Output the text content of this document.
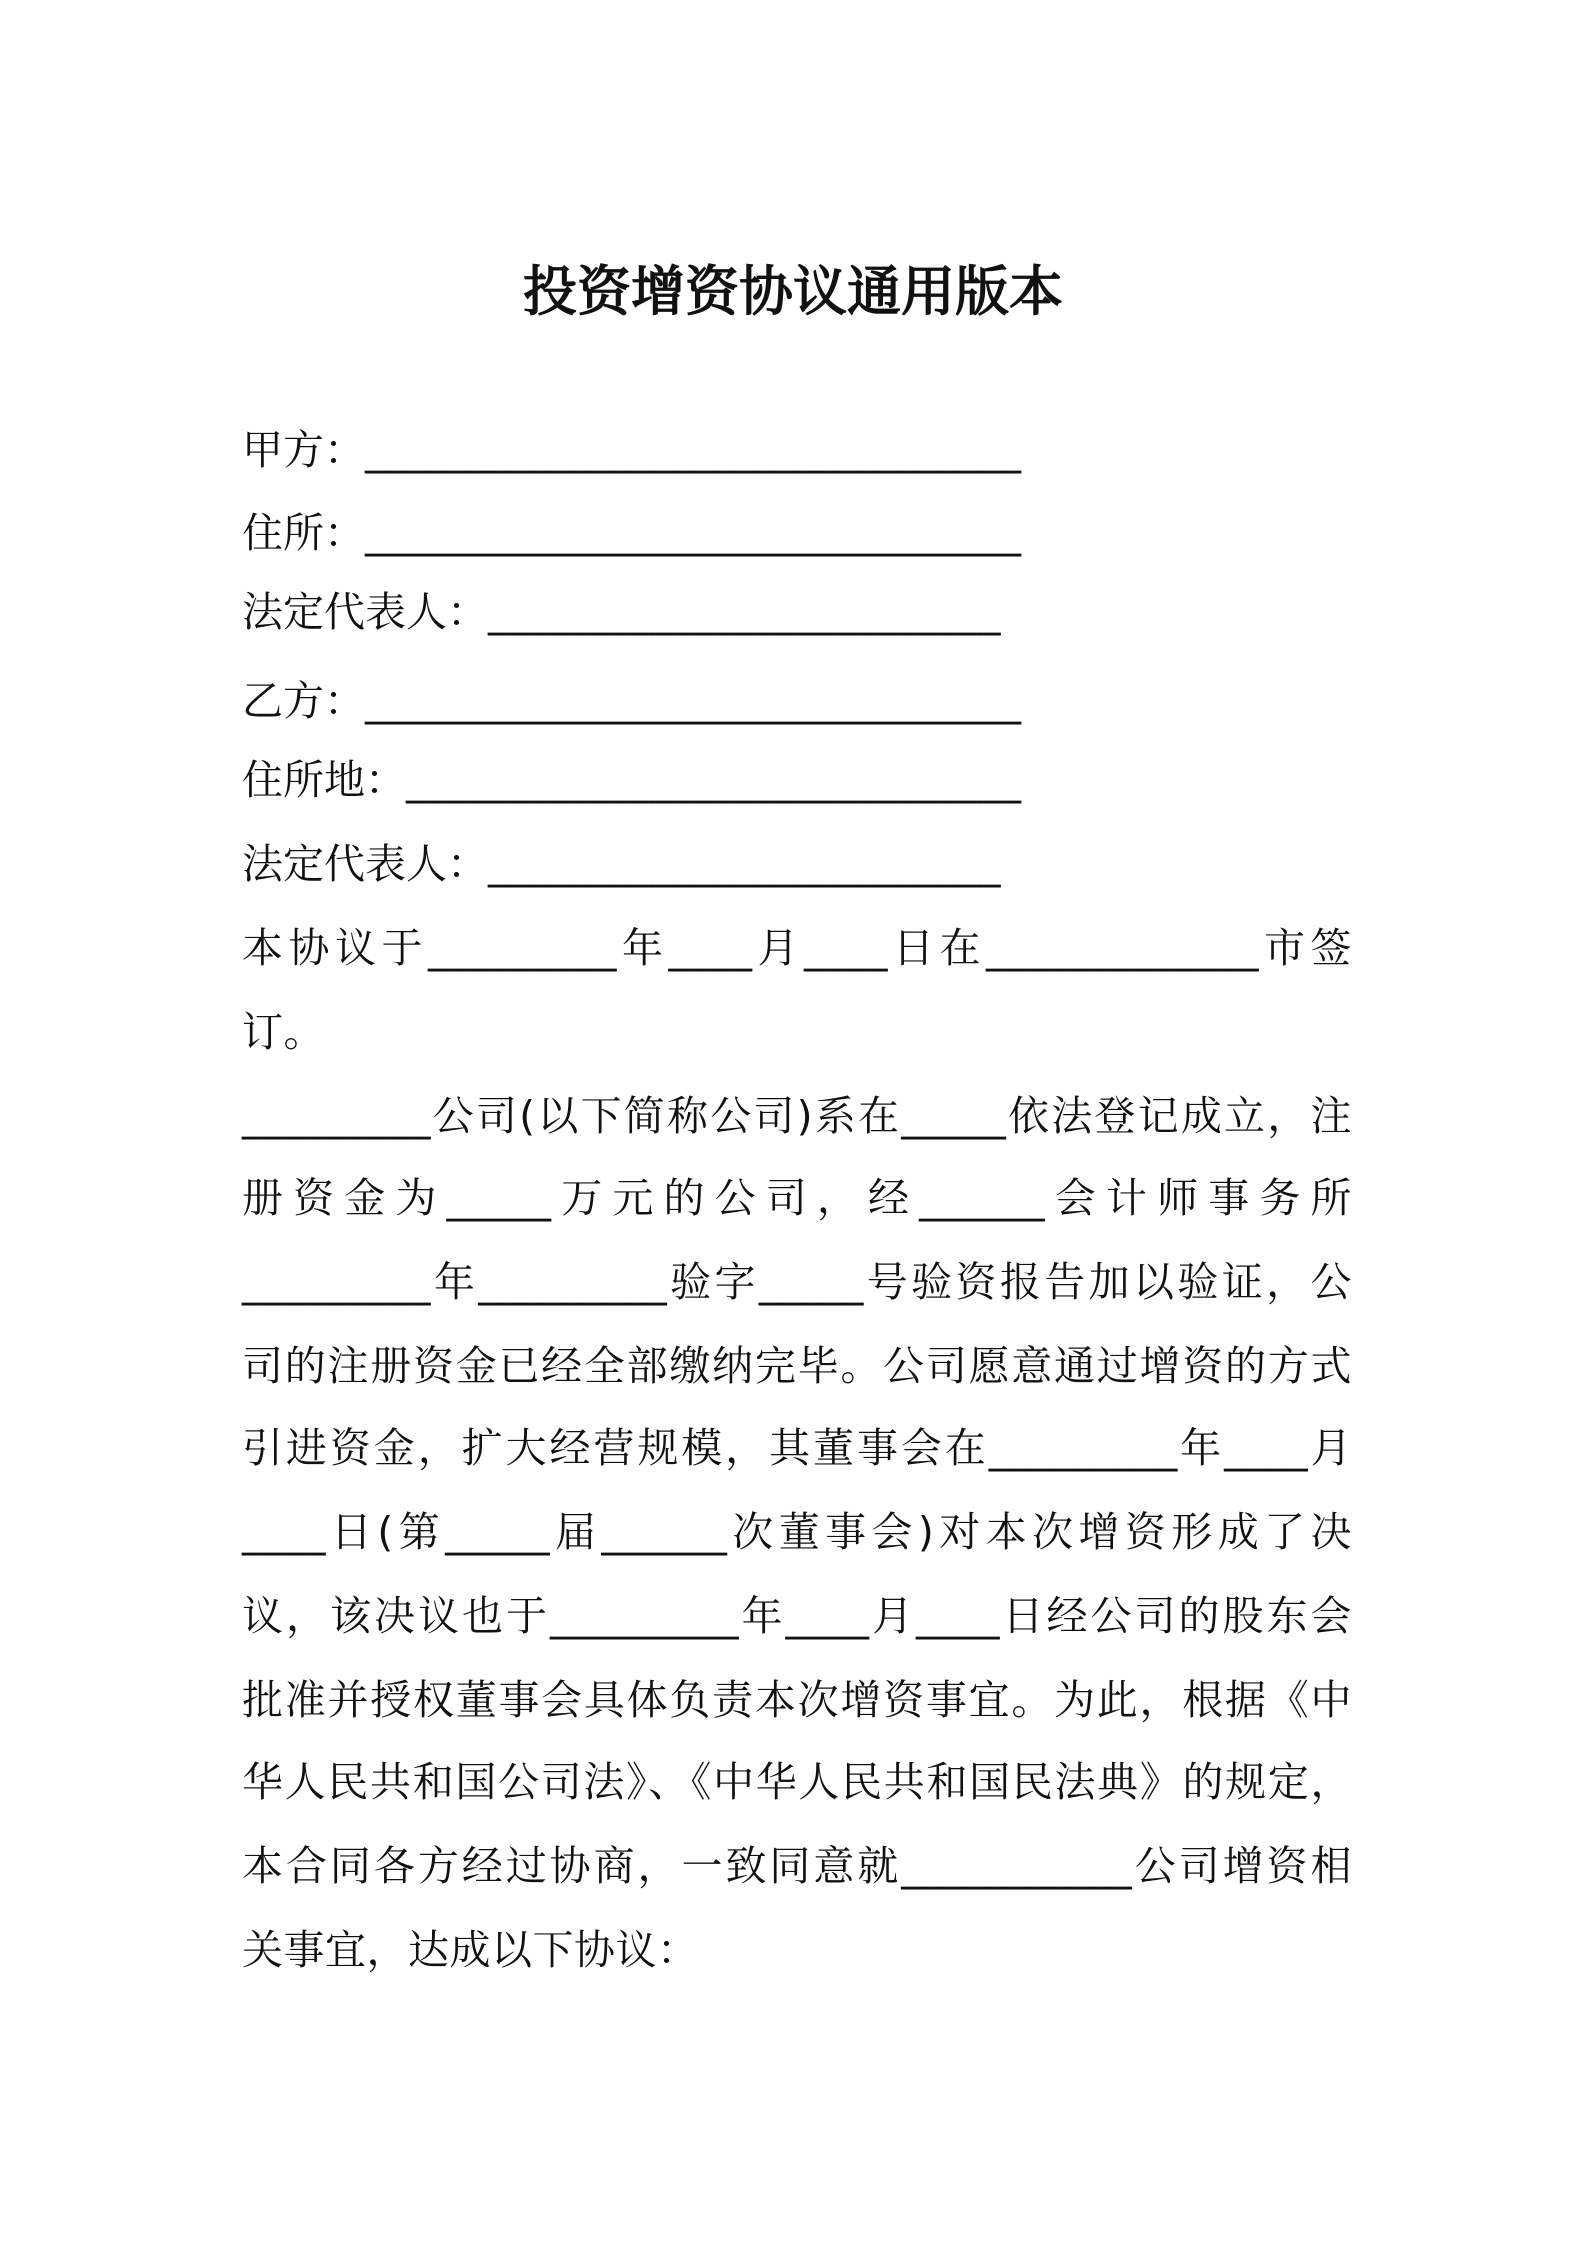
投资增资协议通用版本
甲方：________________________________
住所：________________________________
法定代表人：_________________________
乙方：________________________________
住所地：______________________________
法定代表人：_________________________
本协议于_________年____月____日在_____________市签
订。
_________公司(以下简称公司)系在_____依法登记成立，注
册资金为_____万元的公司，经______会计师事务所
_________年_________验字_____号验资报告加以验证，公
司的注册资金已经全部缴纳完毕。公司愿意通过增资的方式
引进资金，扩大经营规模，其董事会在_________年____月
____日(第_____届______次董事会)对本次增资形成了决
议，该决议也于_________年____月____日经公司的股东会
批准并授权董事会具体负责本次增资事宜。为此，根据《中
华人民共和国公司法》、《中华人民共和国民法典》的规定，
本合同各方经过协商，一致同意就___________公司增资相
关事宜，达成以下协议：
